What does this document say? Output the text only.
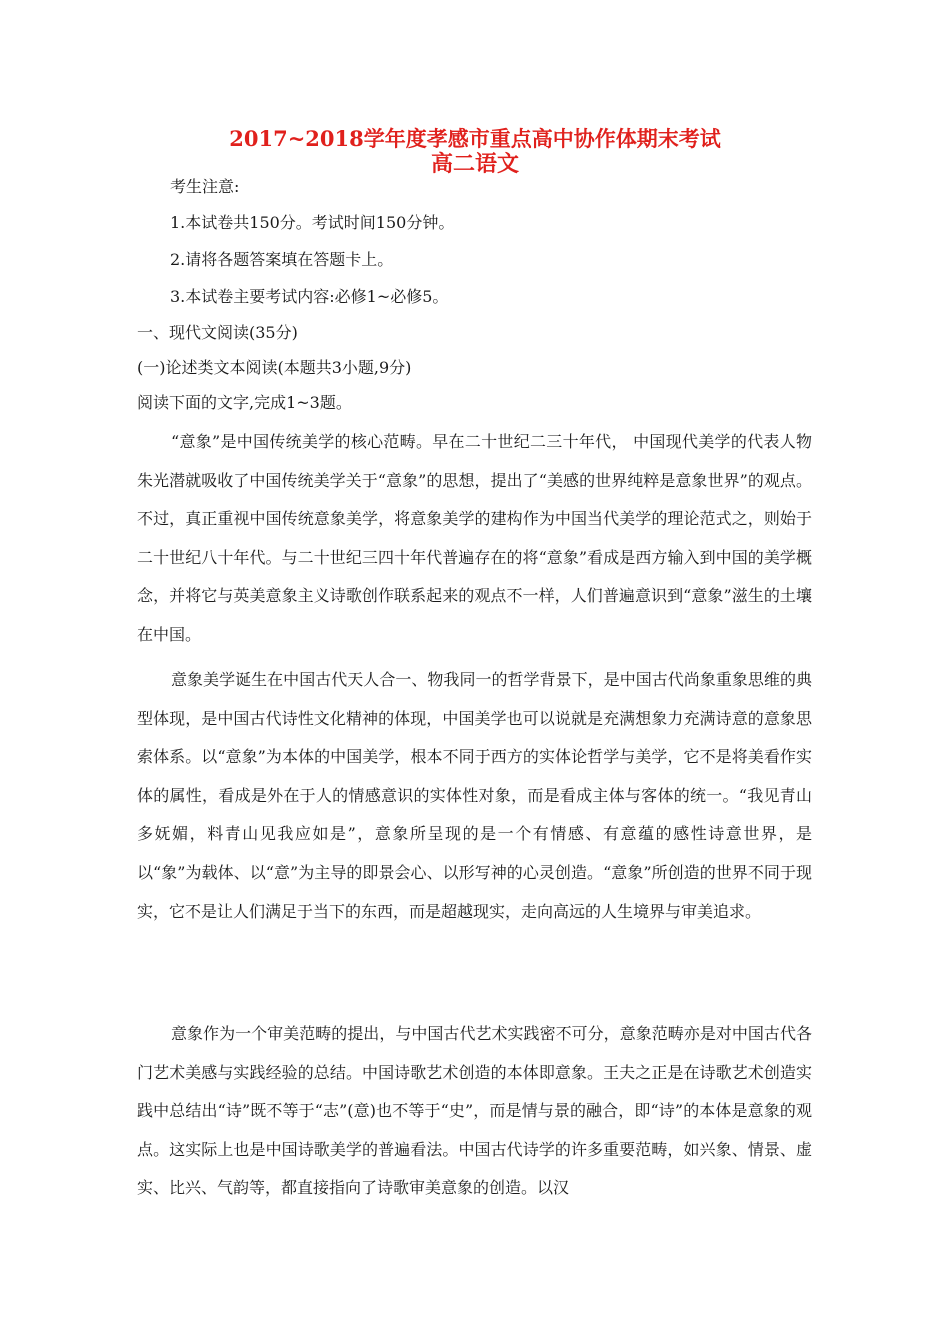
2017~2018学年度孝感市重点高中协作体期末考试
高二语文

考生注意:

1.本试卷共150分。考试时间150分钟。

2.请将各题答案填在答题卡上。

3.本试卷主要考试内容:必修1~必修5。

一、现代文阅读(35分)

(一)论述类文本阅读(本题共3小题,9分)

阅读下面的文字,完成1~3题。

“意象”是中国传统美学的核心范畴。早在二十世纪二三十年代， 中国现代美学的代表人物朱光潜就吸收了中国传统美学关于“意象”的思想，提出了“美感的世界纯粹是意象世界”的观点。不过，真正重视中国传统意象美学，将意象美学的建构作为中国当代美学的理论范式之，则始于二十世纪八十年代。与二十世纪三四十年代普遍存在的将“意象”看成是西方输入到中国的美学概念，并将它与英美意象主义诗歌创作联系起来的观点不一样，人们普遍意识到“意象”滋生的土壤在中国。

意象美学诞生在中国古代天人合一、物我同一的哲学背景下，是中国古代尚象重象思维的典型体现，是中国古代诗性文化精神的体现，中国美学也可以说就是充满想象力充满诗意的意象思索体系。以“意象”为本体的中国美学，根本不同于西方的实体论哲学与美学，它不是将美看作实体的属性，看成是外在于人的情感意识的实体性对象，而是看成主体与客体的统一。“我见青山多妩媚，料青山见我应如是”，意象所呈现的是一个有情感、有意蕴的感性诗意世界，是以“象”为载体、以“意”为主导的即景会心、以形写神的心灵创造。“意象”所创造的世界不同于现实，它不是让人们满足于当下的东西，而是超越现实，走向高远的人生境界与审美追求。

意象作为一个审美范畴的提出，与中国古代艺术实践密不可分，意象范畴亦是对中国古代各门艺术美感与实践经验的总结。中国诗歌艺术创造的本体即意象。王夫之正是在诗歌艺术创造实践中总结出“诗”既不等于“志”(意)也不等于“史”，而是情与景的融合，即“诗”的本体是意象的观点。这实际上也是中国诗歌美学的普遍看法。中国古代诗学的许多重要范畴，如兴象、情景、虚实、比兴、气韵等，都直接指向了诗歌审美意象的创造。以汉
